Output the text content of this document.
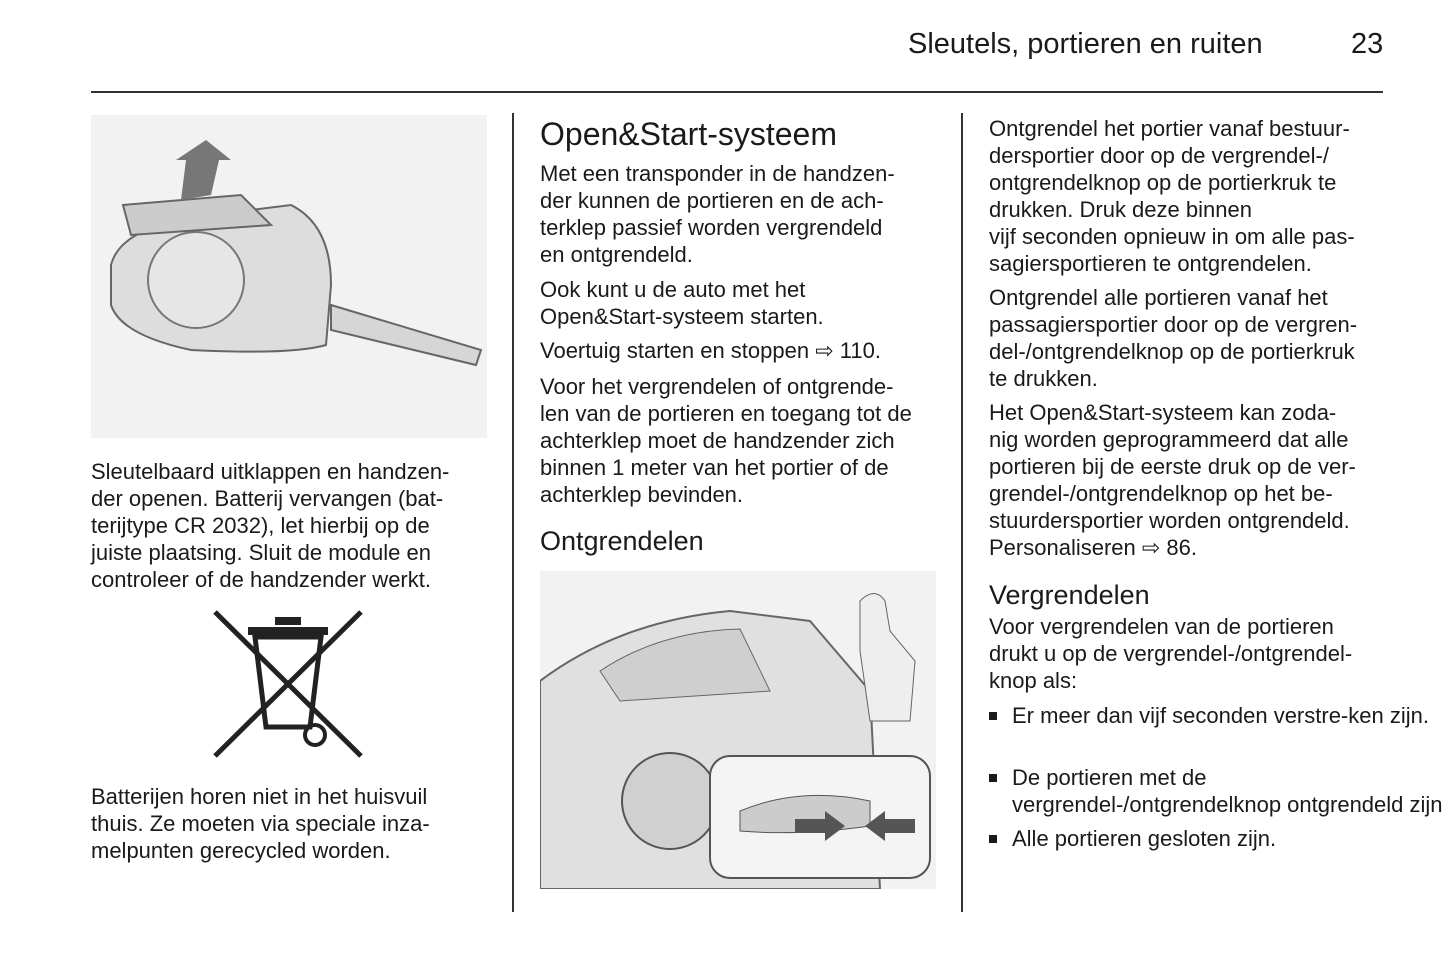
Sleutels, portieren en ruiten	23
Sleutelbaard uitklappen en handzen-
der openen. Batterij vervangen (bat-
terijtype CR 2032), let hierbij op de
juiste plaatsing. Sluit de module en
controleer of de handzender werkt.
Batterijen horen niet in het huisvuil
thuis. Ze moeten via speciale inza-
melpunten gerecycled worden.
Open&Start-systeem
Met een transponder in de handzen-
der kunnen de portieren en de ach-
terklep passief worden vergrendeld
en ontgrendeld.
Ook kunt u de auto met het
Open&Start-systeem starten.
Voertuig starten en stoppen ⇨ 110.
Voor het vergrendelen of ontgrende-
len van de portieren en toegang tot de
achterklep moet de handzender zich
binnen 1 meter van het portier of de
achterklep bevinden.
Ontgrendelen
Ontgrendel het portier vanaf bestuur-
dersportier door op de vergrendel-/
ontgrendelknop op de portierkruk te
drukken. Druk deze binnen
vijf seconden opnieuw in om alle pas-
sagiersportieren te ontgrendelen.
Ontgrendel alle portieren vanaf het
passagiersportier door op de vergren-
del-/ontgrendelknop op de portierkruk
te drukken.
Het Open&Start-systeem kan zoda-
nig worden geprogrammeerd dat alle
portieren bij de eerste druk op de ver-
grendel-/ontgrendelknop op het be-
stuurdersportier worden ontgrendeld.
Personaliseren ⇨ 86.
Vergrendelen
Voor vergrendelen van de portieren
drukt u op de vergrendel-/ontgrendel-
knop als:
Er meer dan vijf seconden verstre-ken zijn.
De portieren met de vergrendel-/ontgrendelknop ontgrendeld zijn
Alle portieren gesloten zijn.
